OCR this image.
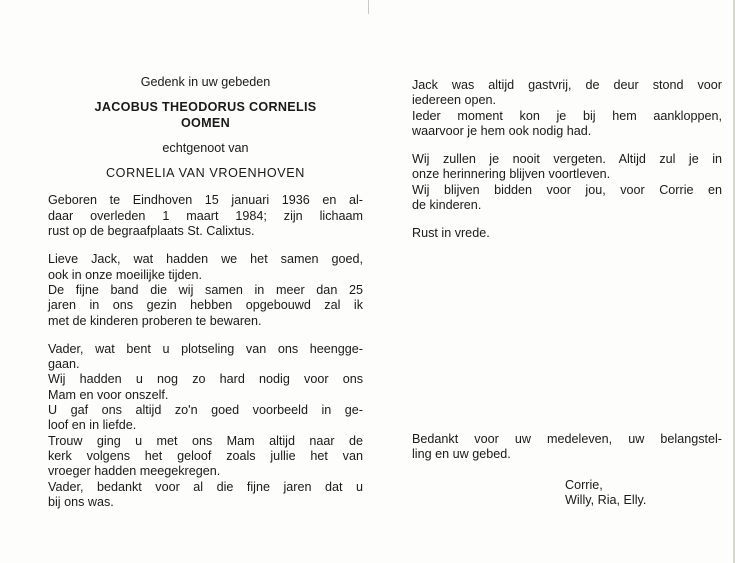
Gedenk in uw gebeden

JACOBUS THEODORUS CORNELIS

OOMEN

echtgenoot van

CORNELIA VAN VROENHOVEN

Geboren te Eindhoven 15 januari 1936 en al-
daar overleden 1 maart 1984; zijn lichaam
rust op de begraafplaats St. Calixtus.
Lieve Jack, wat hadden we het samen goed,
ook in onze moeilijke tijden.
De fijne band die wij samen in meer dan 25
jaren in ons gezin hebben opgebouwd zal ik
met de kinderen proberen te bewaren.
Vader, wat bent u plotseling van ons heengge-
gaan.
Wij hadden u nog zo hard nodig voor ons
Mam en voor onszelf.
U gaf ons altijd zo'n goed voorbeeld in ge-
loof en in liefde.
Trouw ging u met ons Mam altijd naar de
kerk volgens het geloof zoals jullie het van
vroeger hadden meegekregen.
Vader, bedankt voor al die fijne jaren dat u
bij ons was.
Jack was altijd gastvrij, de deur stond voor
iedereen open.
Ieder moment kon je bij hem aankloppen,
waarvoor je hem ook nodig had.
Wij zullen je nooit vergeten. Altijd zul je in
onze herinnering blijven voortleven.
Wij blijven bidden voor jou, voor Corrie en
de kinderen.
Rust in vrede.
Bedankt voor uw medeleven, uw belangstel-
ling en uw gebed.
Corrie,
Willy, Ria, Elly.
